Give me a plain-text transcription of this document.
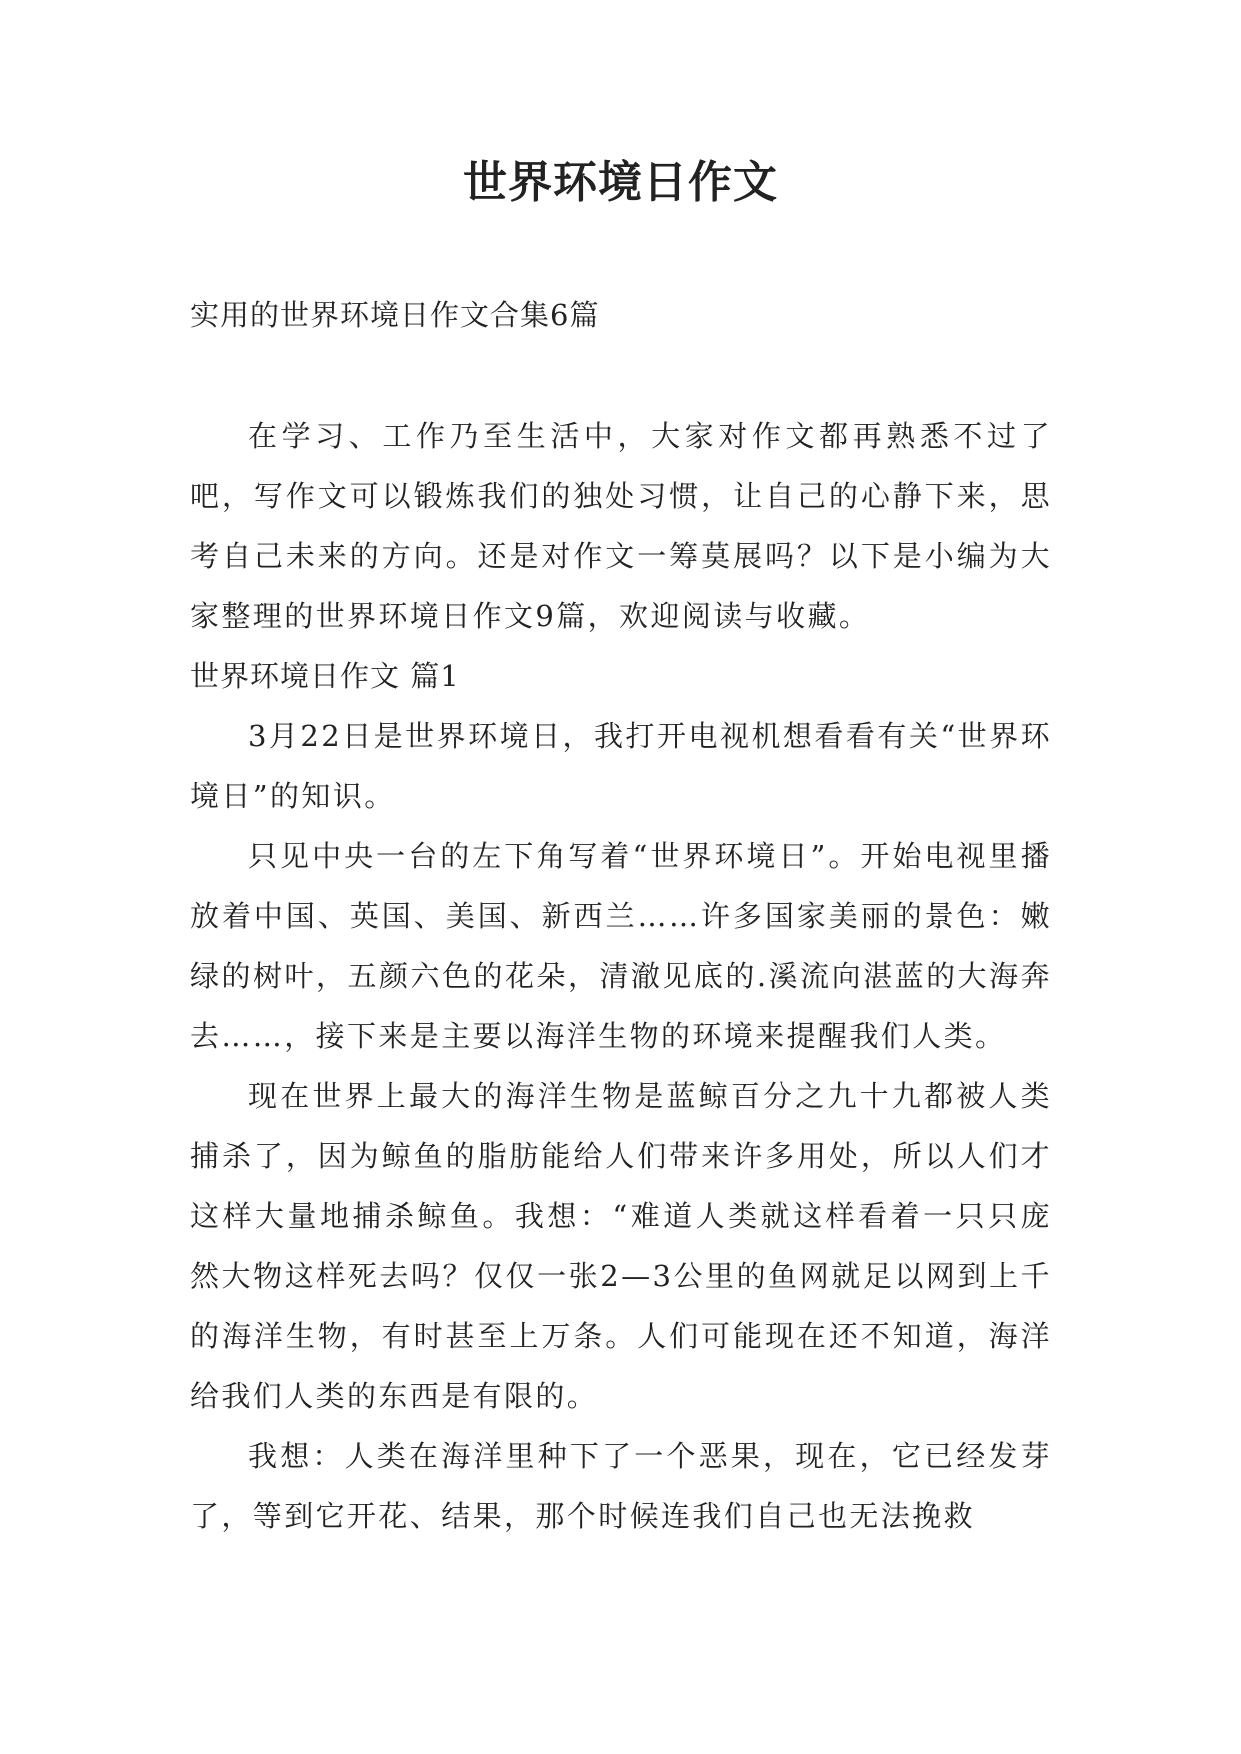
世界环境日作文

实用的世界环境日作文合集6篇

在学习、工作乃至生活中，大家对作文都再熟悉不过了吧，写作文可以锻炼我们的独处习惯，让自己的心静下来，思考自己未来的方向。还是对作文一筹莫展吗？以下是小编为大家整理的世界环境日作文9篇，欢迎阅读与收藏。

世界环境日作文 篇1

3月22日是世界环境日，我打开电视机想看看有关“世界环境日”的知识。

只见中央一台的左下角写着“世界环境日”。开始电视里播放着中国、英国、美国、新西兰……许多国家美丽的景色：嫩绿的树叶，五颜六色的花朵，清澈见底的.溪流向湛蓝的大海奔去……，接下来是主要以海洋生物的环境来提醒我们人类。

现在世界上最大的海洋生物是蓝鲸百分之九十九都被人类捕杀了，因为鲸鱼的脂肪能给人们带来许多用处，所以人们才这样大量地捕杀鲸鱼。我想：“难道人类就这样看着一只只庞然大物这样死去吗？仅仅一张2—3公里的鱼网就足以网到上千的海洋生物，有时甚至上万条。人们可能现在还不知道，海洋给我们人类的东西是有限的。

我想：人类在海洋里种下了一个恶果，现在，它已经发芽了，等到它开花、结果，那个时候连我们自己也无法挽救
